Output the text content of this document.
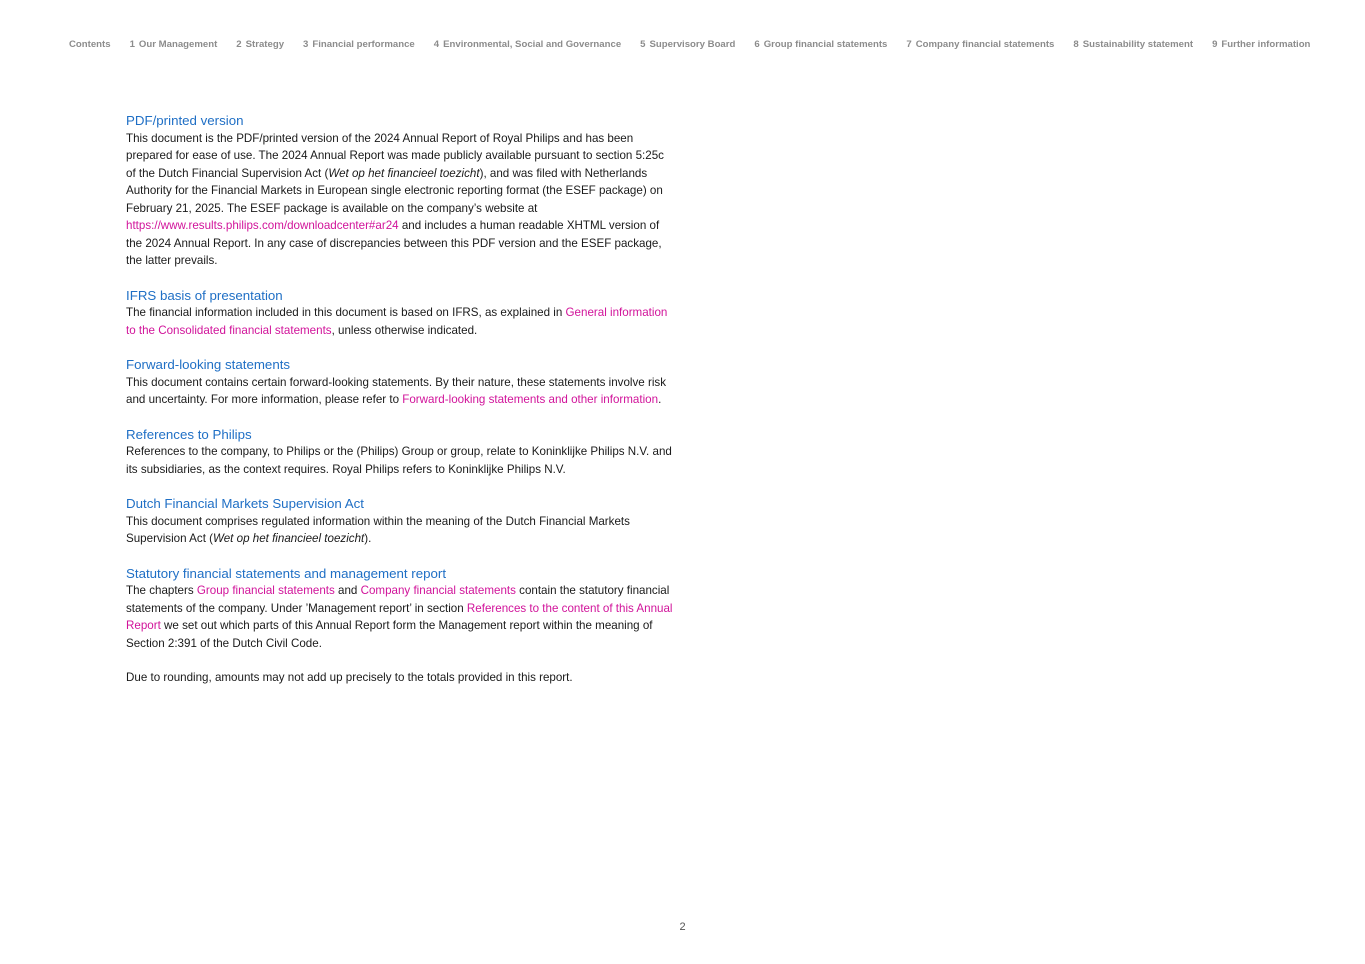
Contents 1 Our Management 2 Strategy 3 Financial performance 4 Environmental, Social and Governance 5 Supervisory Board 6 Group financial statements 7 Company financial statements 8 Sustainability statement 9 Further information
PDF/printed version

This document is the PDF/printed version of the 2024 Annual Report of Royal Philips and has been prepared for ease of use. The 2024 Annual Report was made publicly available pursuant to section 5:25c of the Dutch Financial Supervision Act (Wet op het financieel toezicht), and was filed with Netherlands Authority for the Financial Markets in European single electronic reporting format (the ESEF package) on February 21, 2025. The ESEF package is available on the company’s website at https://www.results.philips.com/downloadcenter#ar24 and includes a human readable XHTML version of the 2024 Annual Report. In any case of discrepancies between this PDF version and the ESEF package, the latter prevails.

IFRS basis of presentation

The financial information included in this document is based on IFRS, as explained in General information to the Consolidated financial statements, unless otherwise indicated.

Forward-looking statements

This document contains certain forward-looking statements. By their nature, these statements involve risk and uncertainty. For more information, please refer to Forward-looking statements and other information.

References to Philips

References to the company, to Philips or the (Philips) Group or group, relate to Koninklijke Philips N.V. and its subsidiaries, as the context requires. Royal Philips refers to Koninklijke Philips N.V.

Dutch Financial Markets Supervision Act

This document comprises regulated information within the meaning of the Dutch Financial Markets Supervision Act (Wet op het financieel toezicht).

Statutory financial statements and management report

The chapters Group financial statements and Company financial statements contain the statutory financial statements of the company. Under ’Management report’ in section References to the content of this Annual Report we set out which parts of this Annual Report form the Management report within the meaning of Section 2:391 of the Dutch Civil Code.

Due to rounding, amounts may not add up precisely to the totals provided in this report.

2
